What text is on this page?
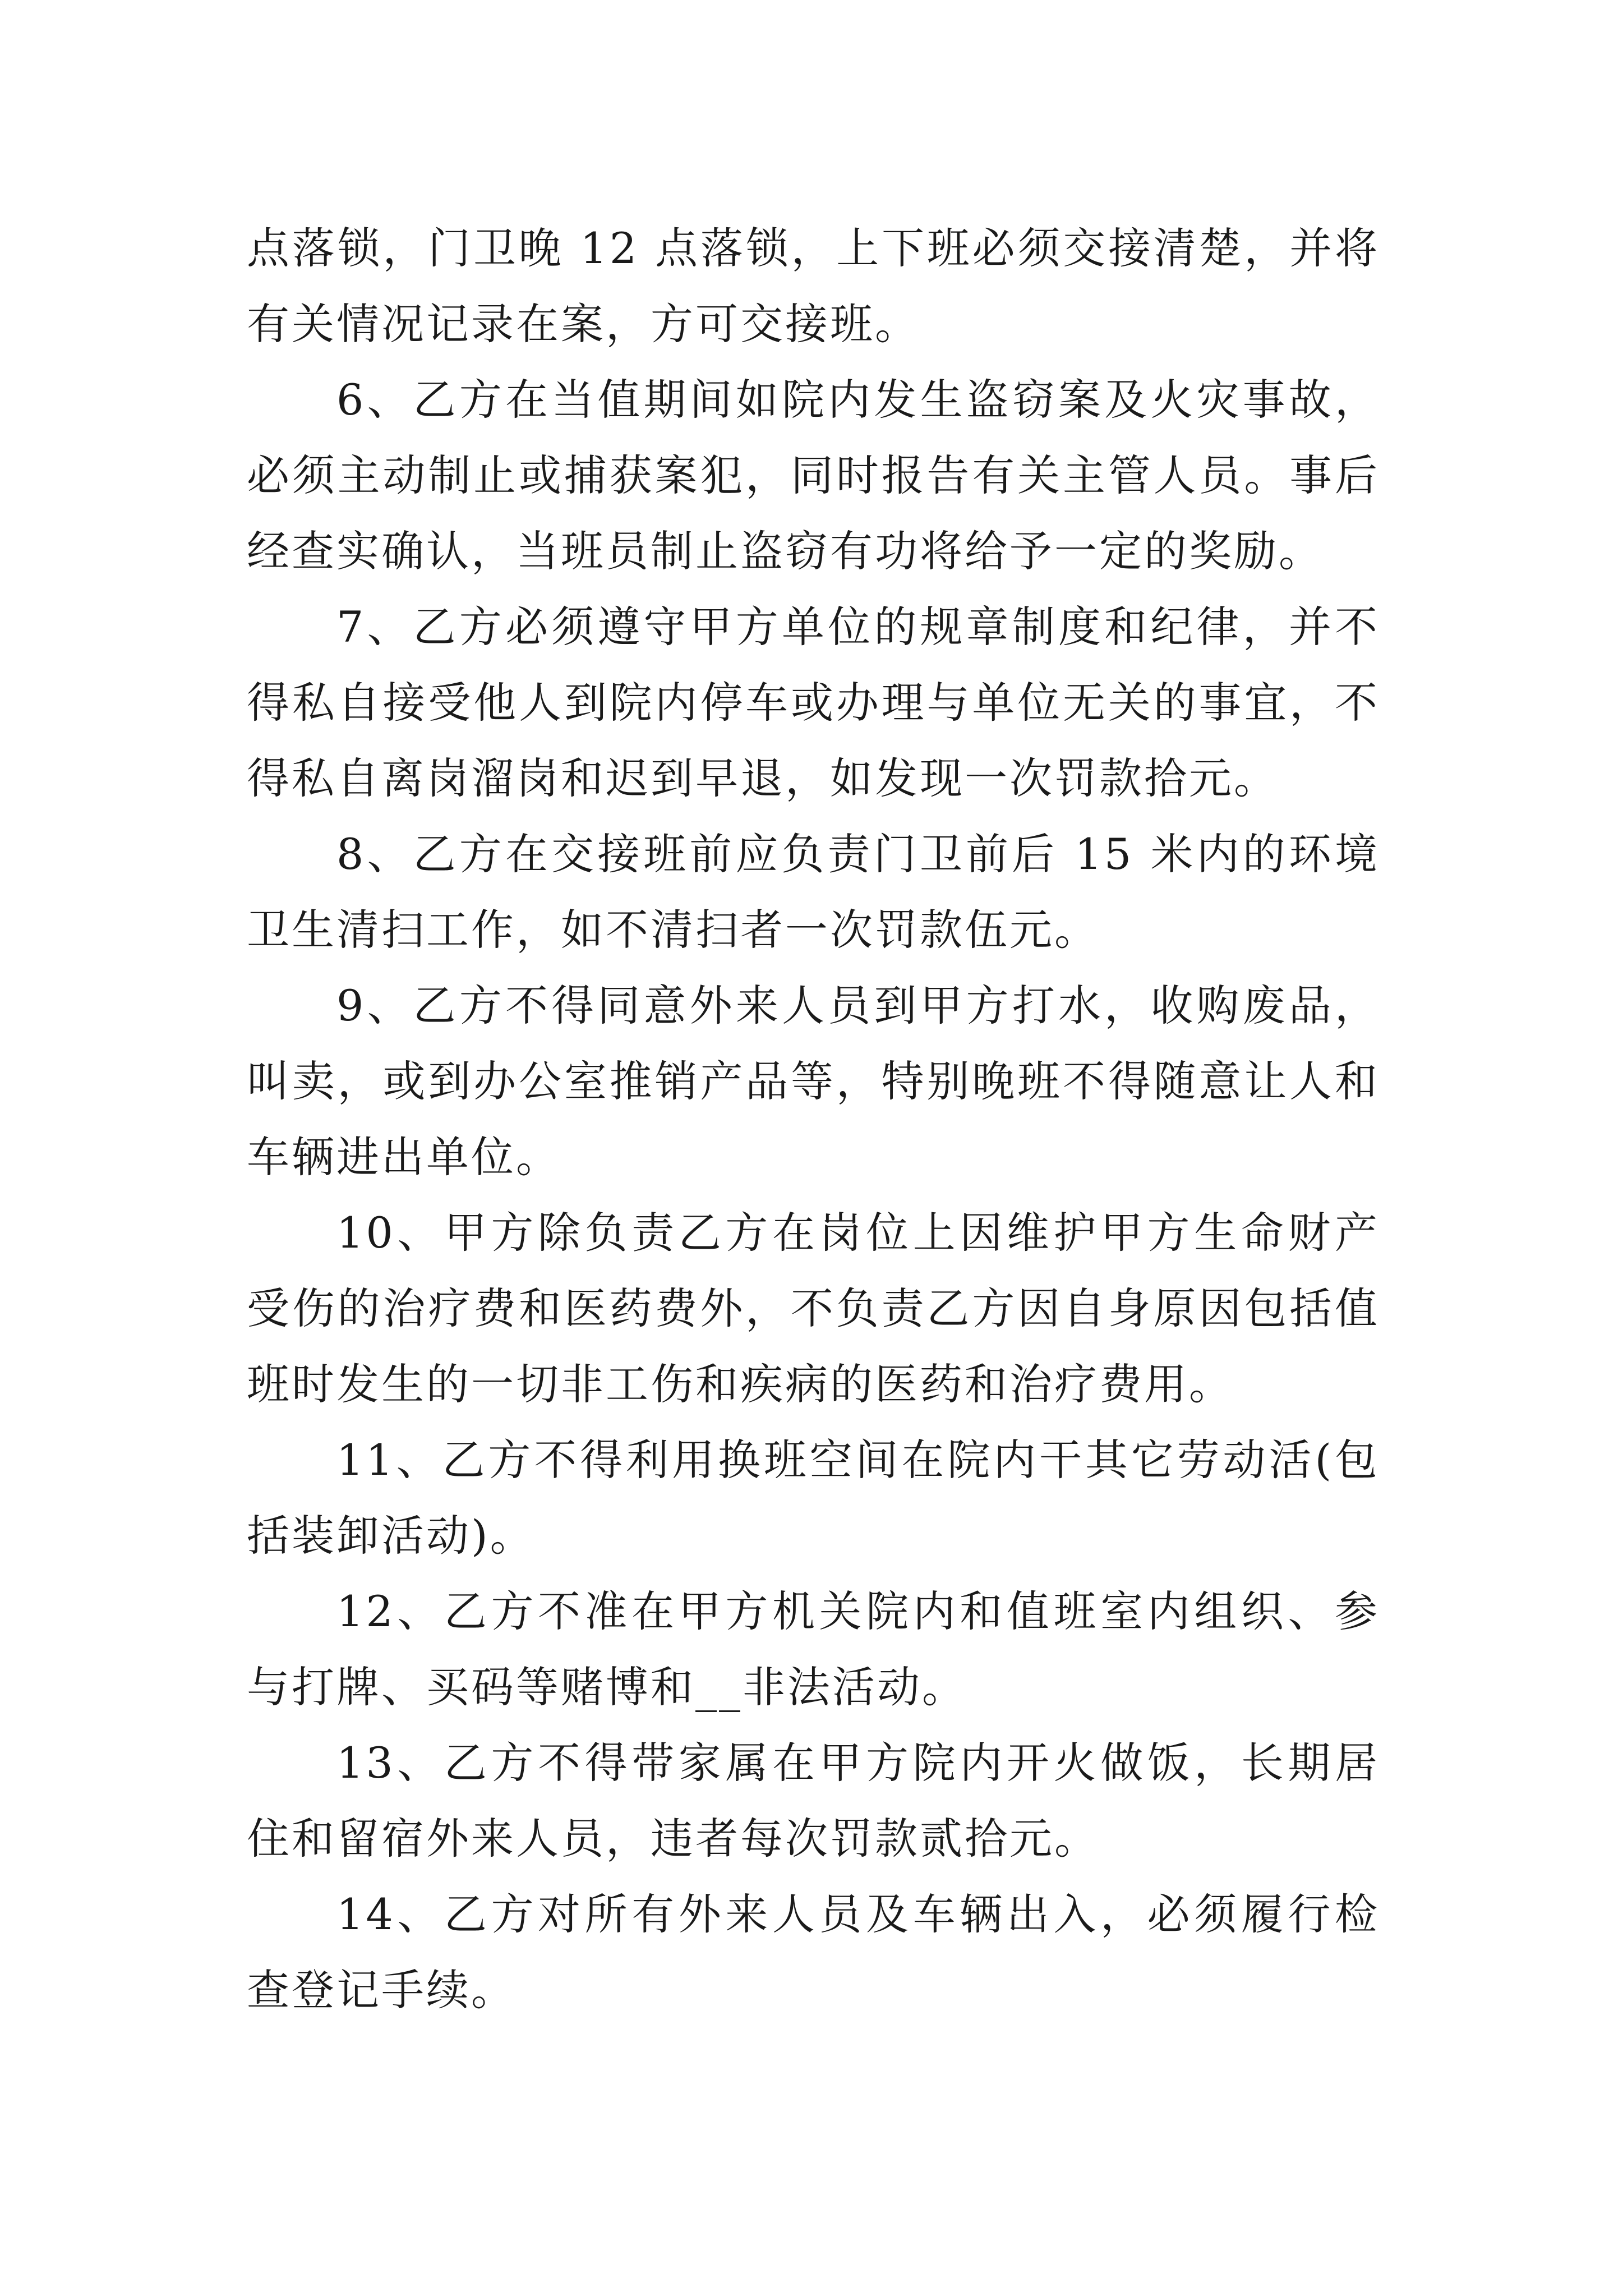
点落锁，门卫晚 12 点落锁，上下班必须交接清楚，并将有关情况记录在案，方可交接班。

6、乙方在当值期间如院内发生盗窃案及火灾事故，必须主动制止或捕获案犯，同时报告有关主管人员。事后经查实确认，当班员制止盗窃有功将给予一定的奖励。

7、乙方必须遵守甲方单位的规章制度和纪律，并不得私自接受他人到院内停车或办理与单位无关的事宜，不得私自离岗溜岗和迟到早退，如发现一次罚款拾元。

8、乙方在交接班前应负责门卫前后 15 米内的环境卫生清扫工作，如不清扫者一次罚款伍元。

9、乙方不得同意外来人员到甲方打水，收购废品，叫卖，或到办公室推销产品等，特别晚班不得随意让人和车辆进出单位。

10、甲方除负责乙方在岗位上因维护甲方生命财产受伤的治疗费和医药费外，不负责乙方因自身原因包括值班时发生的一切非工伤和疾病的医药和治疗费用。

11、乙方不得利用换班空间在院内干其它劳动活(包括装卸活动)。

12、乙方不准在甲方机关院内和值班室内组织、参与打牌、买码等赌博和__非法活动。

13、乙方不得带家属在甲方院内开火做饭，长期居住和留宿外来人员，违者每次罚款贰拾元。

14、乙方对所有外来人员及车辆出入，必须履行检查登记手续。
